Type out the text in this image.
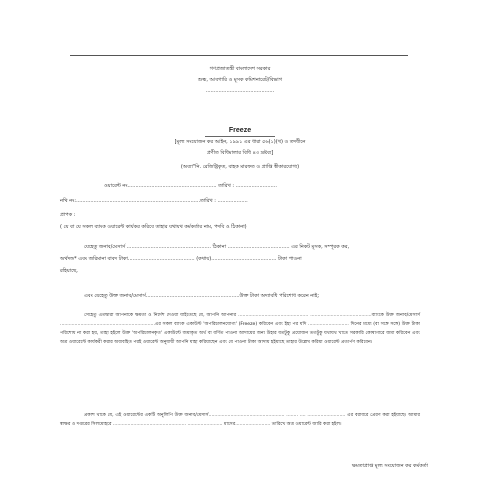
গণপ্রজাতন্ত্রী বাংলাদেশ সরকার
শুল্ক, আবগারি ও মূসক কমিশনারেট/বিভাগ
...........................................
Freeze
[মূল্য সংযোজন কর আইন, ১৯৯১ এর ধারা ৫৬(১)(খ) ও তদধীনে
প্রণীত বিধিমালার বিধি ৪৩ দ্রষ্টব্য]
(অব্যা"নি. রেজিষ্ট্রিকৃত, বাহক মারফত ও প্রাপ্তি স্বীকারযোগ্য)
ওয়ারেন্ট নং........................................................ তারিখ : ..........................
নথি নং:..............................................................................তারিখ : ...................
প্রাপক :
( যে বা যে সকল ব্যাংক ওয়ারেন্ট কার্যকর করিবে তাহার যথাযথ কর্মকর্তার নাম, পদবি ও ঠিকানা)
যেহেতু জনাব/মেসার্স ..................................................... ঠিকানা ....................................... এর নিকট মূসক, সম্পূরক কর,
অর্থদন্ড* এবং জরিমানা বাবদ টাকা.......................................... (কথায়)......................................... টাকা পাওনা
রহিয়াছে,
এবং যেহেতু উক্ত জনাব/মেসার্স...........................................................উক্ত টাকা অদ্যাবধি পরিশোধ করেন নাই;
সেহেতু এতদ্বারা আপনাকে ক্ষমতা ও নির্দেশ দেওয়া যাইতেছে যে, আপনি আপনার ................................................ ..........................................ব্যাংকে উক্ত জনাব/মেসার্স .................................................................এর সকল ব্যাংক একাউন্ট 'অপরিচালনযোগ্য' (Freeze) করিবেন এবং ইহা পর যদি ............................ দিনের মধ্যে (বা সঙ্গে সঙ্গে) উক্ত টাকা পরিশোধ না করা হয়, তাহা হইলে উক্ত 'অপরিচালনকৃত' একাউন্টে জমাকৃত অর্থ বা বর্ণিত পাওনা আদায়ের জন্য উহার যতটুকু প্রয়োজন ততটুকু যথাযথ খাতে সরকারি কোষাগারে জমা করিবেন এবং অত্র ওয়ারেন্টে কার্যকরী করার অব্যবহিত পরই ওয়ারেন্ট অনুযায়ী আপনি যাহা করিয়াছেন এবং যে পাওনা টাকা আদায় হইয়াছে তাহার উল্লেখ করিয়া ওয়ারেন্ট প্রত্যর্পণ করিবেন।
প্রকাশ থাকে যে, এই ওয়ারেন্টের একটি অনুলিপি উক্ত জনাব/মেসার্স.................................................... ........ .... .......................... এর বরাবরে প্রেরণ করা হইয়াছে। আমার স্বাক্ষর ও দপ্তরের সিলমোহরে .................................................. ........................ মাসের........................ তারিখে অত্র ওয়ারেন্ট জারি করা হইল।
ক্ষমতাপ্রাপ্ত মূল্য সংযোজন কর কর্মকর্তা
